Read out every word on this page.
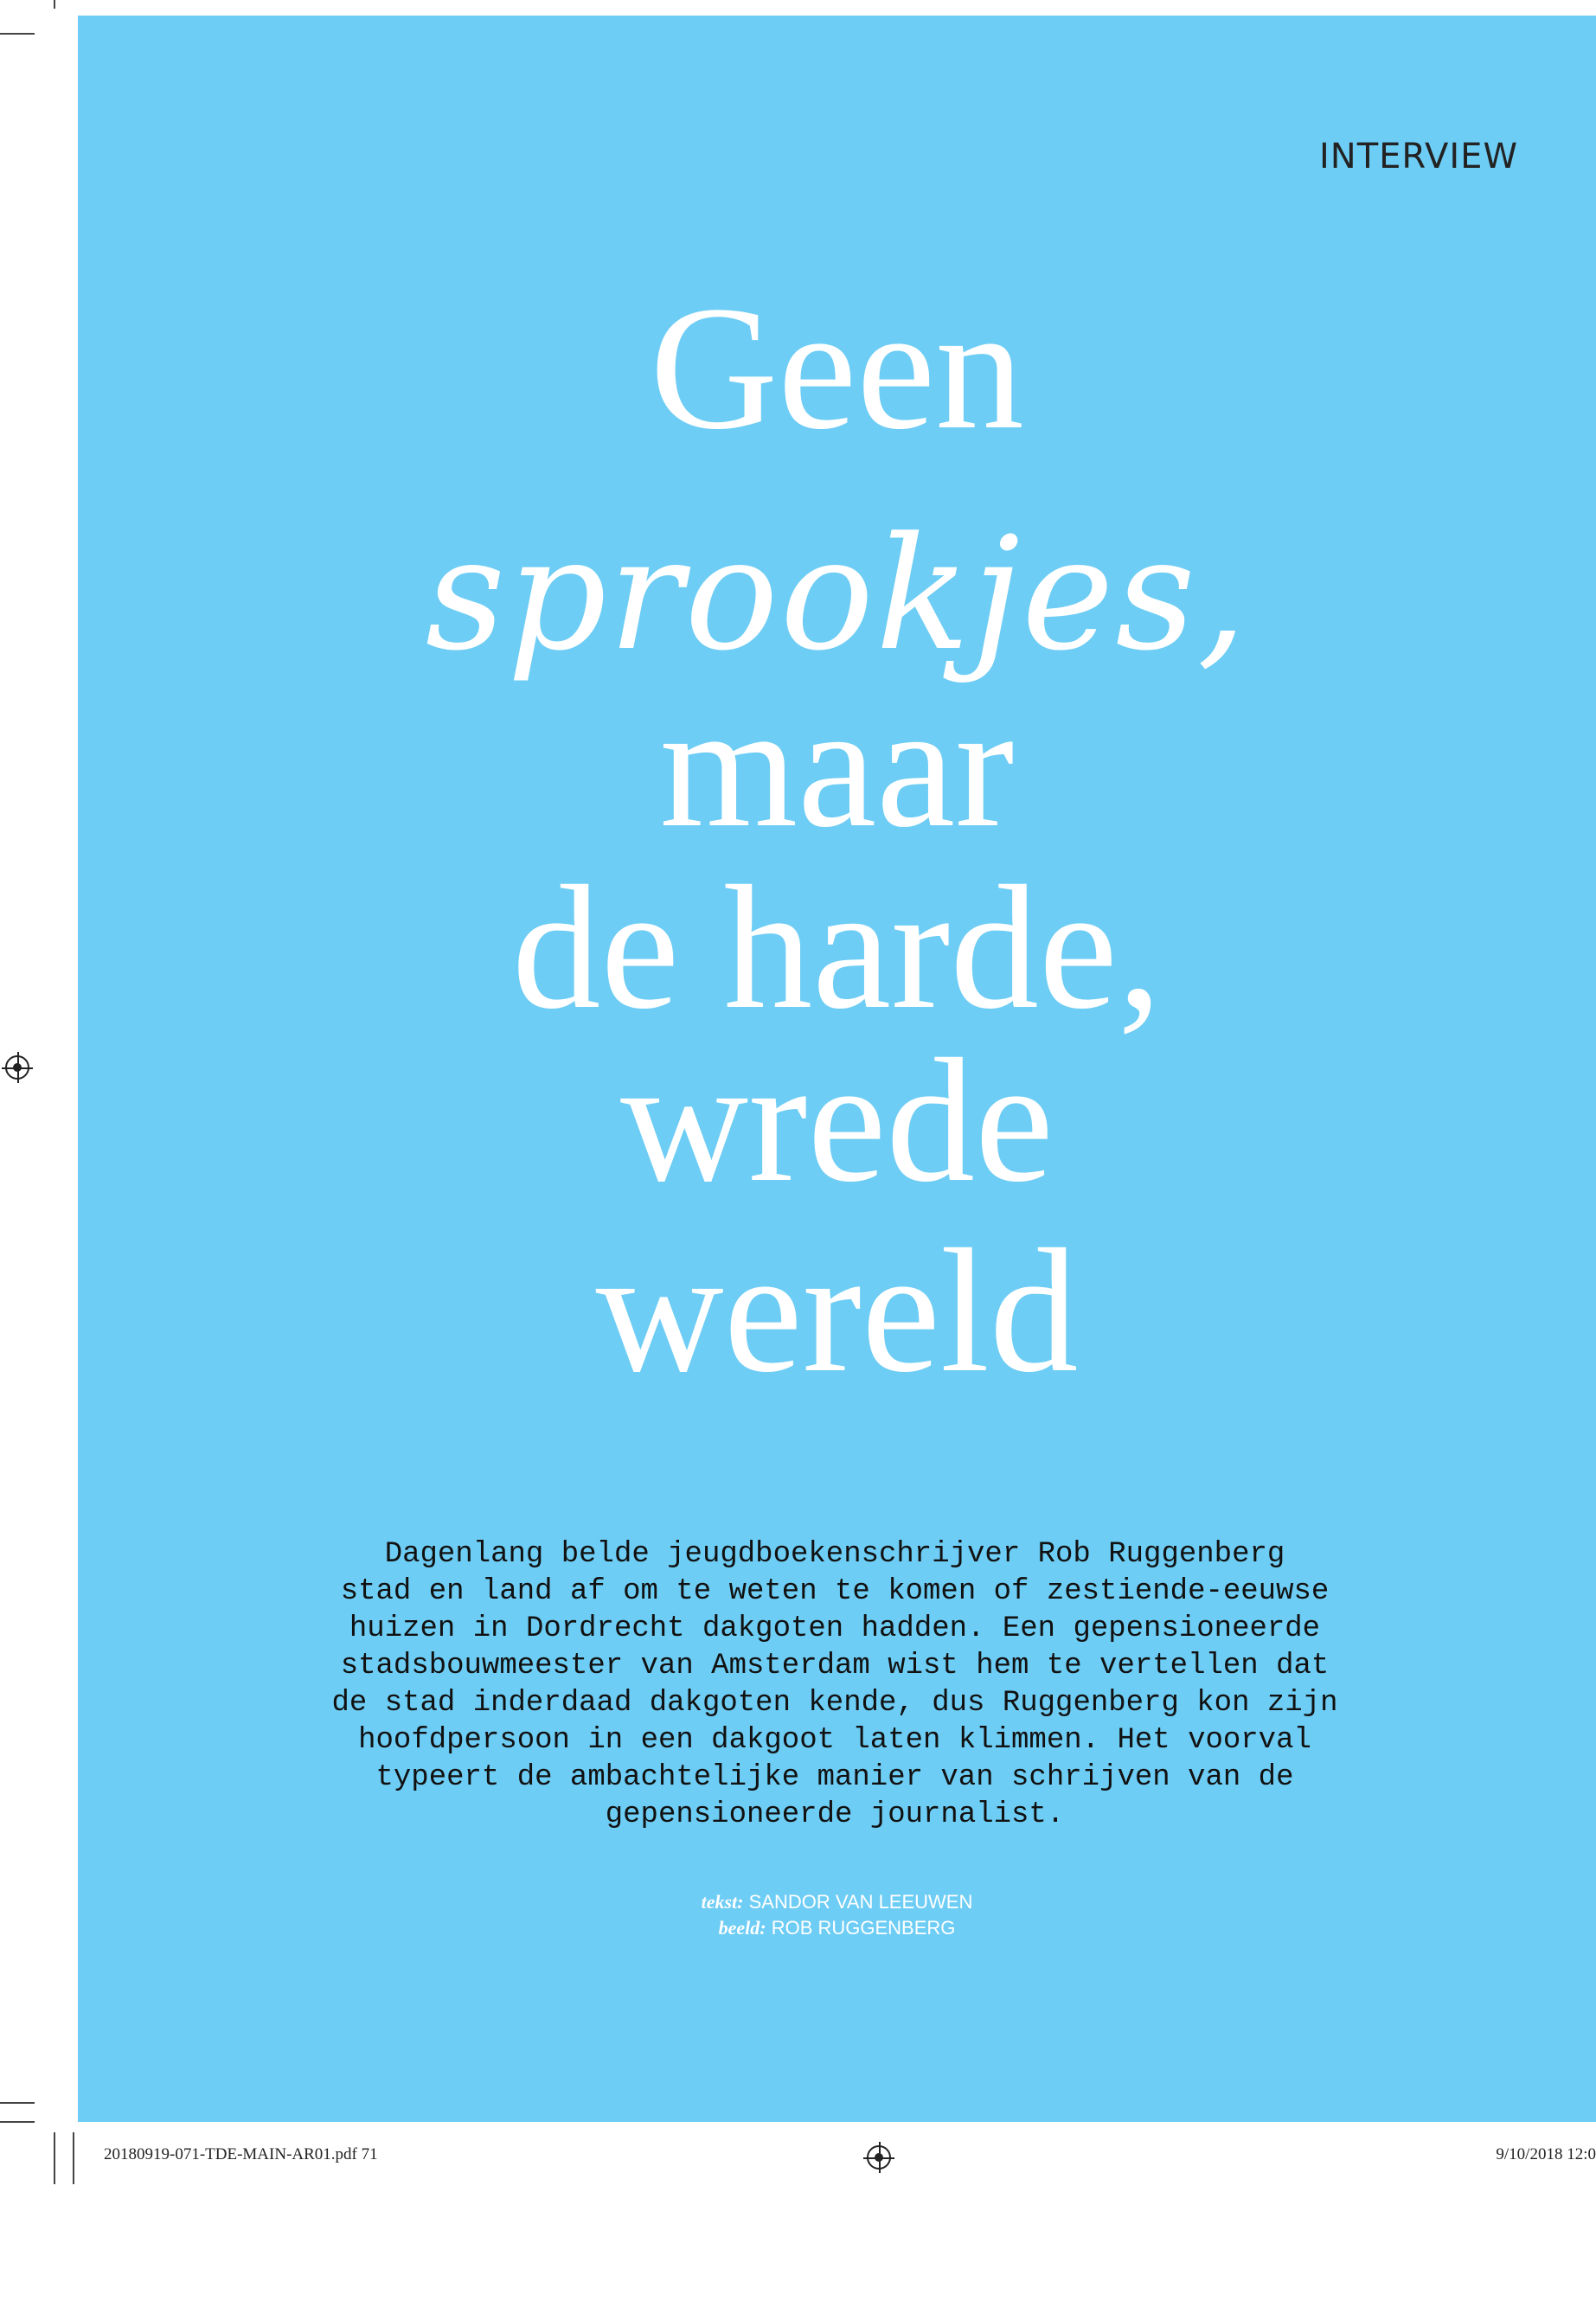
INTERVIEW
Geen
sprookjes,
maar
de harde,
wrede
wereld
Dagenlang belde jeugdboekenschrijver Rob Ruggenberg
stad en land af om te weten te komen of zestiende-eeuwse
huizen in Dordrecht dakgoten hadden. Een gepensioneerde
stadsbouwmeester van Amsterdam wist hem te vertellen dat
de stad inderdaad dakgoten kende, dus Ruggenberg kon zijn
hoofdpersoon in een dakgoot laten klimmen. Het voorval
typeert de ambachtelijke manier van schrijven van de
gepensioneerde journalist.
tekst: SANDOR VAN LEEUWEN
beeld: ROB RUGGENBERG
20180919-071-TDE-MAIN-AR01.pdf 71	9/10/2018 12:0
